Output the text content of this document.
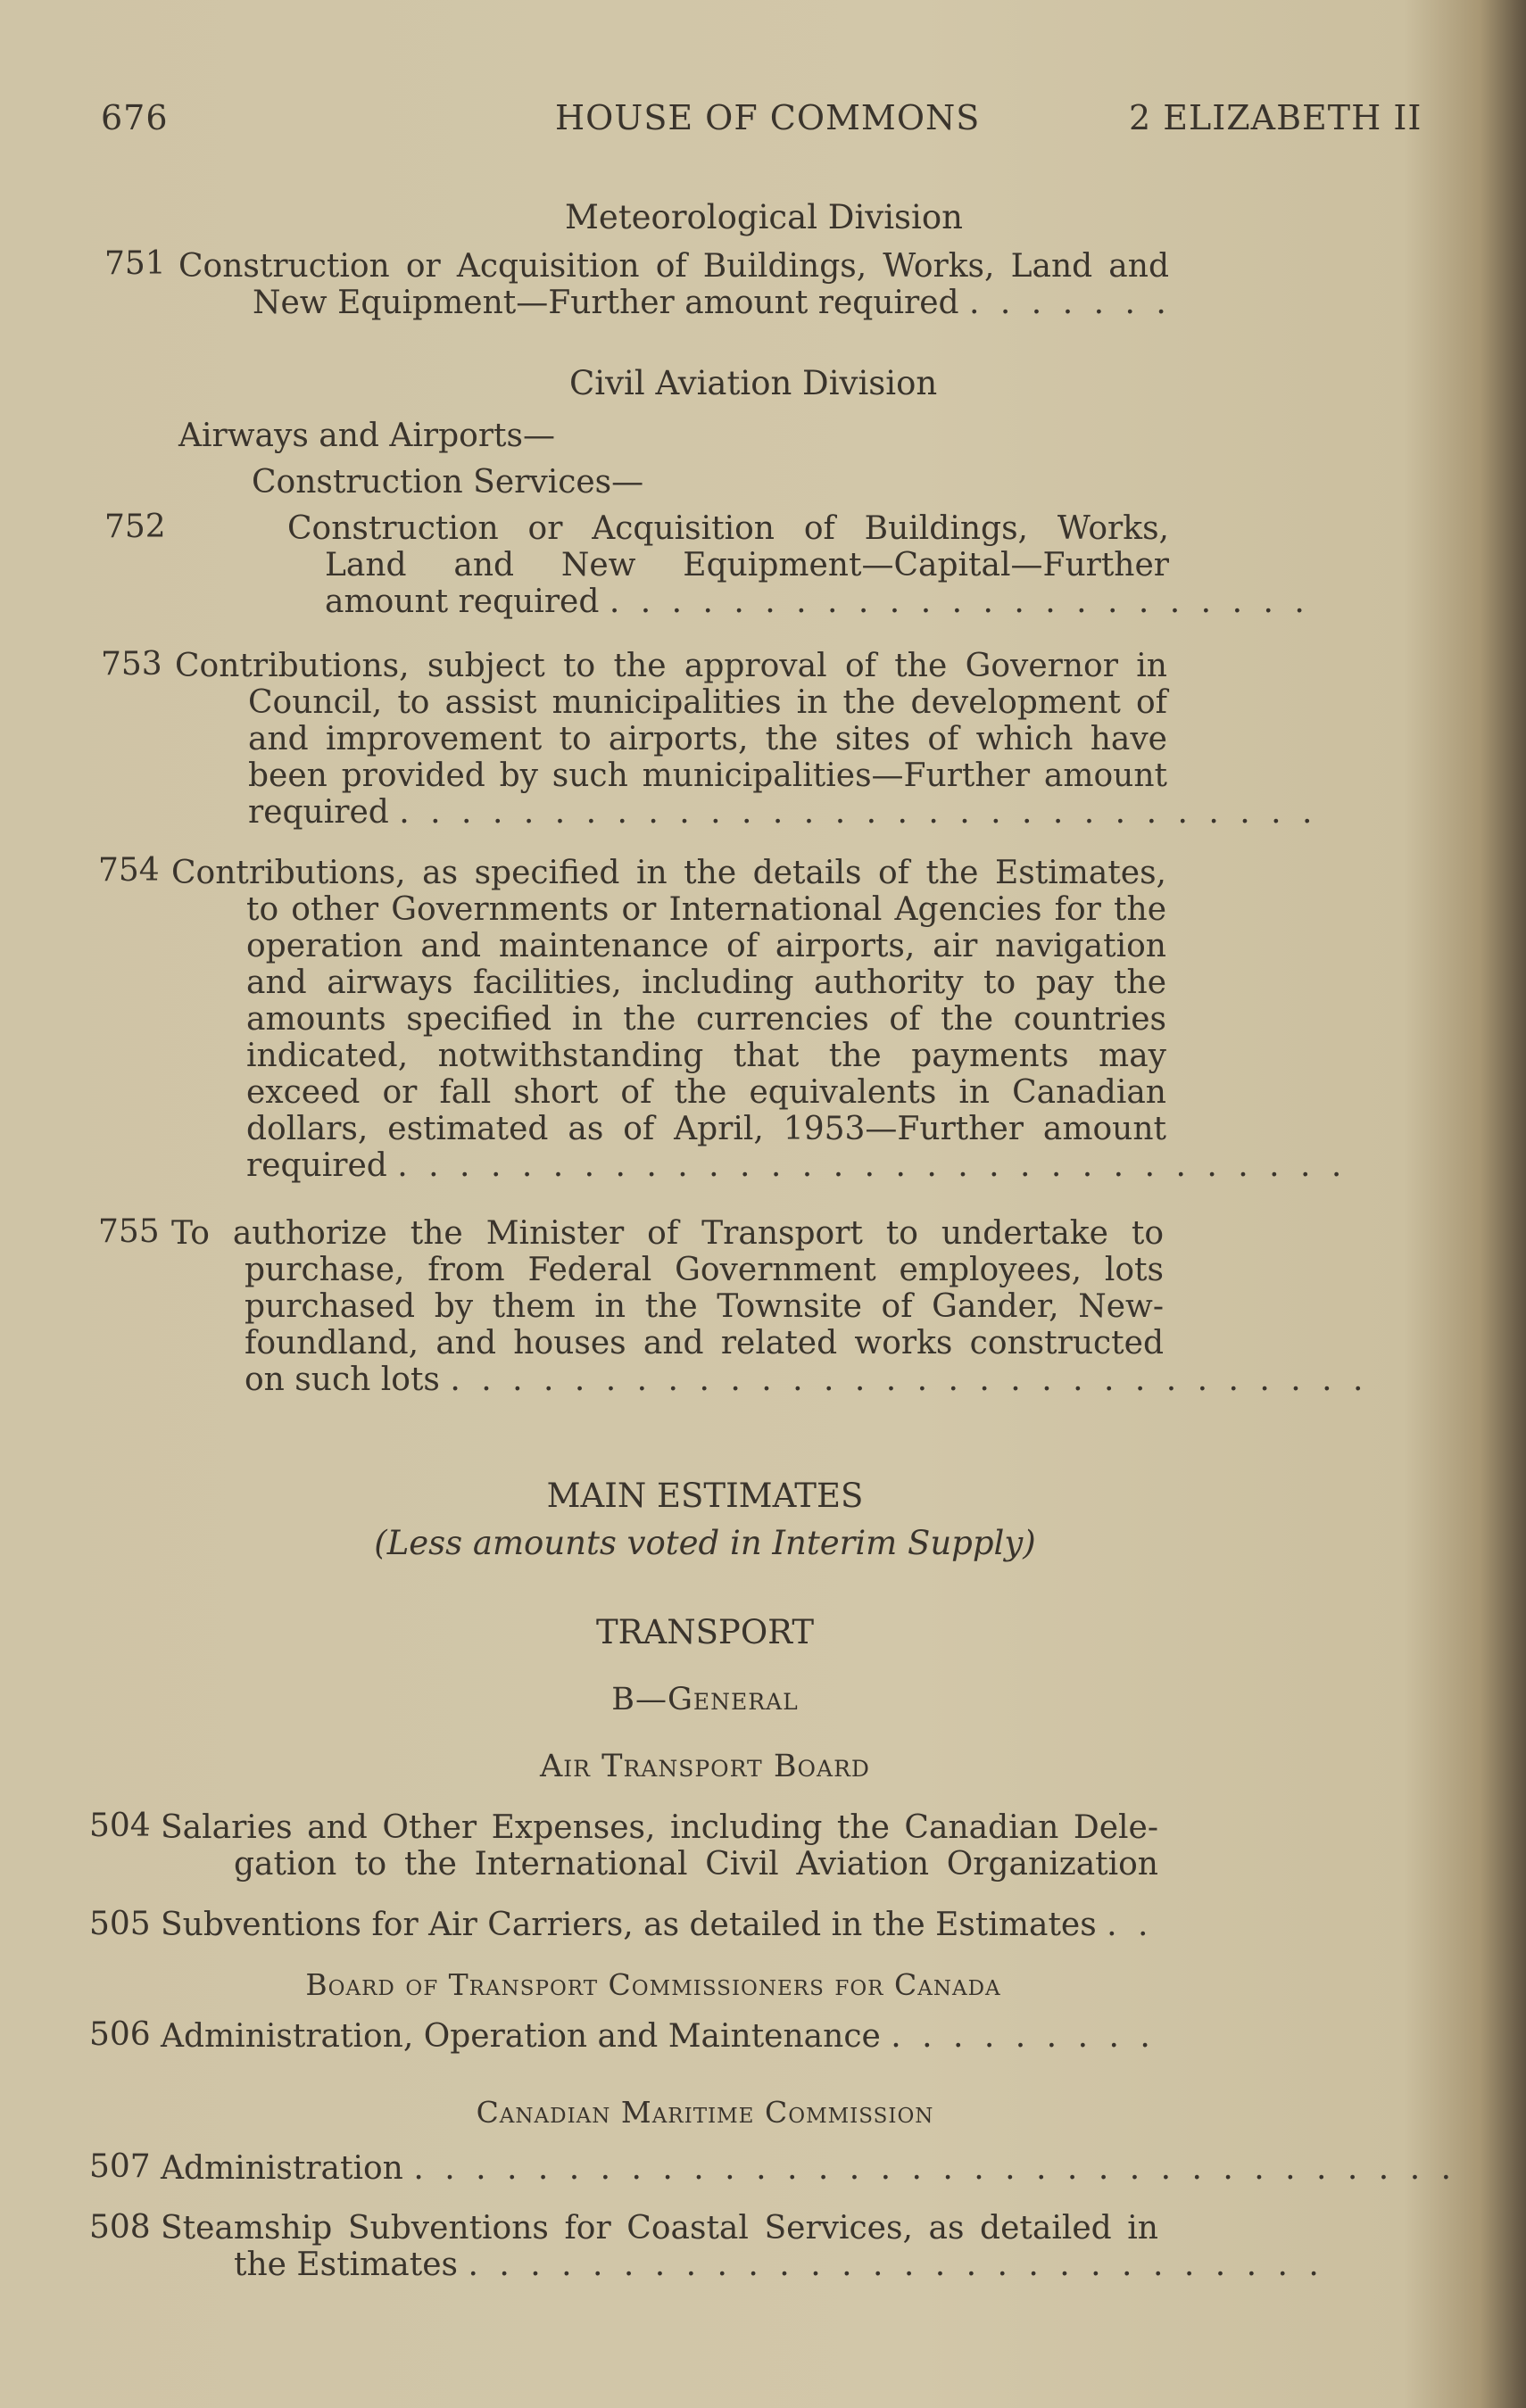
676	HOUSE OF COMMONS	2 ELIZABETH II
Meteorological Division
751 Construction or Acquisition of Buildings, Works, Land and
New Equipment—Further amount required . . . . . . .
Civil Aviation Division
Airways and Airports—
Construction Services—
752	Construction or Acquisition of Buildings, Works,
Land and New Equipment—Capital—Further
amount required . . . . . . . . . . . . . . . . . . . . . . .
753 Contributions, subject to the approval of the Governor in
Council, to assist municipalities in the development of
and improvement to airports, the sites of which have
been provided by such municipalities—Further amount
required . . . . . . . . . . . . . . . . . . . . . . . . . . . . . .
754 Contributions, as specified in the details of the Estimates,
to other Governments or International Agencies for the
operation and maintenance of airports, air navigation
and airways facilities, including authority to pay the
amounts specified in the currencies of the countries
indicated, notwithstanding that the payments may
exceed or fall short of the equivalents in Canadian
dollars, estimated as of April, 1953—Further amount
required . . . . . . . . . . . . . . . . . . . . . . . . . . . . . . .
755 To authorize the Minister of Transport to undertake to
purchase, from Federal Government employees, lots
purchased by them in the Townsite of Gander, New-
foundland, and houses and related works constructed
on such lots . . . . . . . . . . . . . . . . . . . . . . . . . . . . . .
MAIN ESTIMATES
(Less amounts voted in Interim Supply)
TRANSPORT
B—General
Air Transport Board
504 Salaries and Other Expenses, including the Canadian Dele-
gation to the International Civil Aviation Organization
505 Subventions for Air Carriers, as detailed in the Estimates . .
Board of Transport Commissioners for Canada
506 Administration, Operation and Maintenance . . . . . . . . .
Canadian Maritime Commission
507 Administration . . . . . . . . . . . . . . . . . . . . . . . . . . . . . . . . . .
508 Steamship Subventions for Coastal Services, as detailed in
the Estimates . . . . . . . . . . . . . . . . . . . . . . . . . . . .
